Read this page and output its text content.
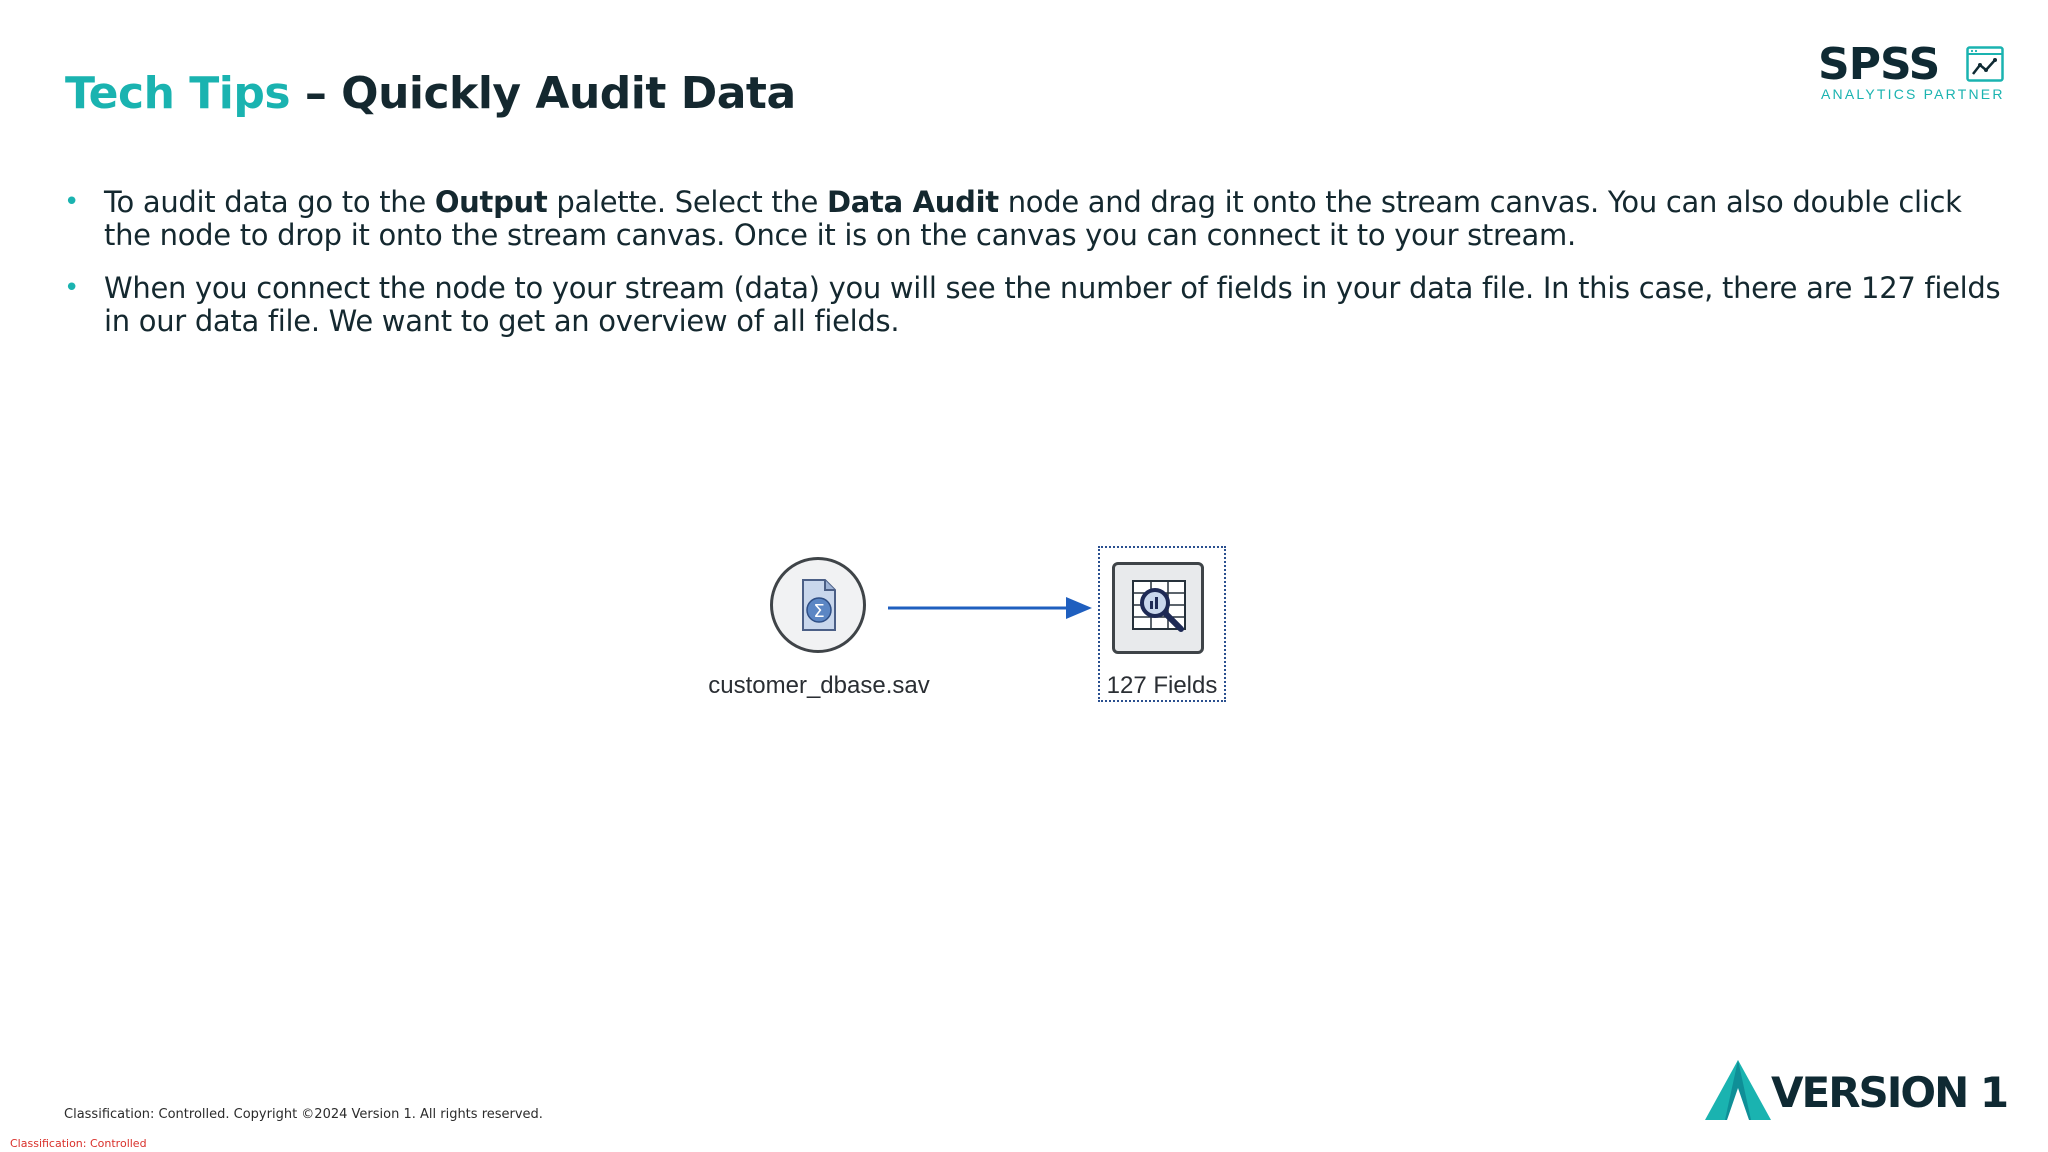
Tech Tips – Quickly Audit Data
SPSS
ANALYTICS PARTNER
• To audit data go to the Output palette. Select the Data Audit node and drag it onto the stream canvas. You can also double click the node to drop it onto the stream canvas. Once it is on the canvas you can connect it to your stream.
• When you connect the node to your stream (data) you will see the number of fields in your data file. In this case, there are 127 fields in our data file. We want to get an overview of all fields.
Σ
customer_dbase.sav	127 Fields
Classification: Controlled. Copyright ©2024 Version 1. All rights reserved.
Classification: Controlled
VERSION 1
